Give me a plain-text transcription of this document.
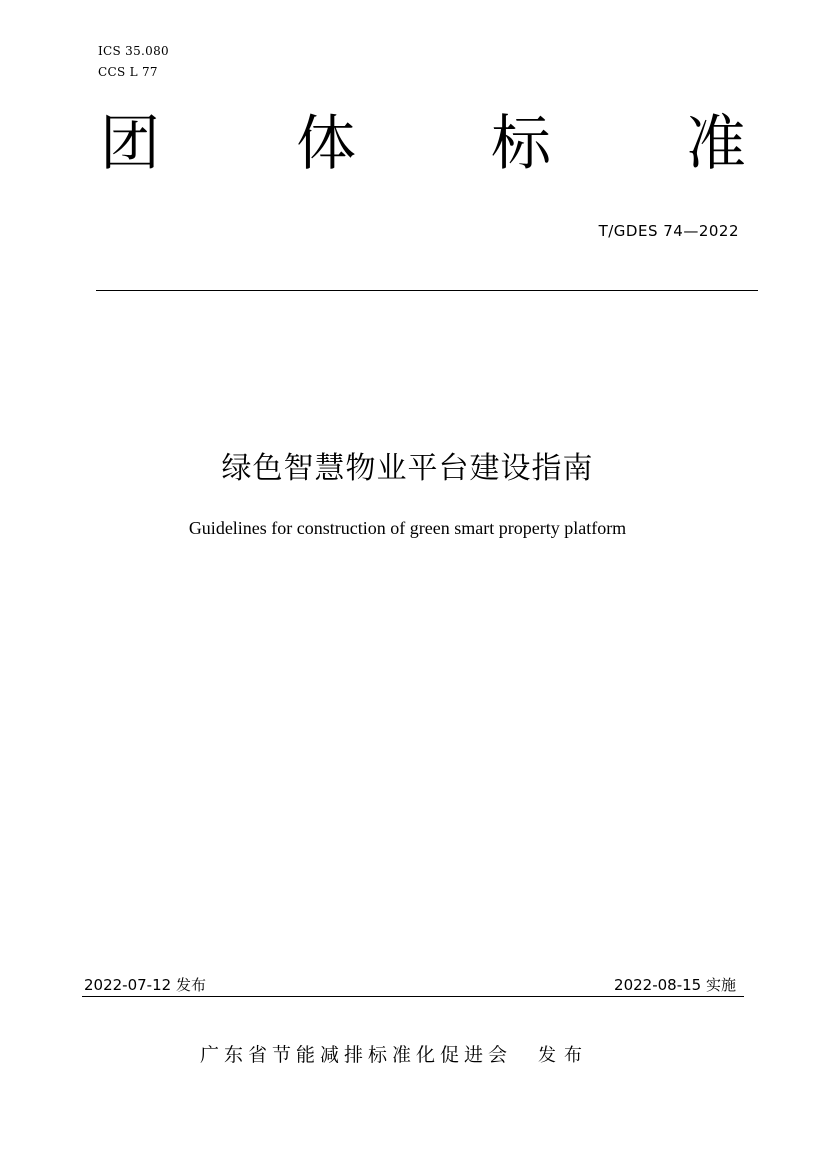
ICS 35.080
CCS L 77
团 体 标 准
T/GDES 74—2022
绿色智慧物业平台建设指南
Guidelines for construction of green smart property platform
2022-07-12 发布	2022-08-15 实施
广东省节能减排标准化促进会 发布
